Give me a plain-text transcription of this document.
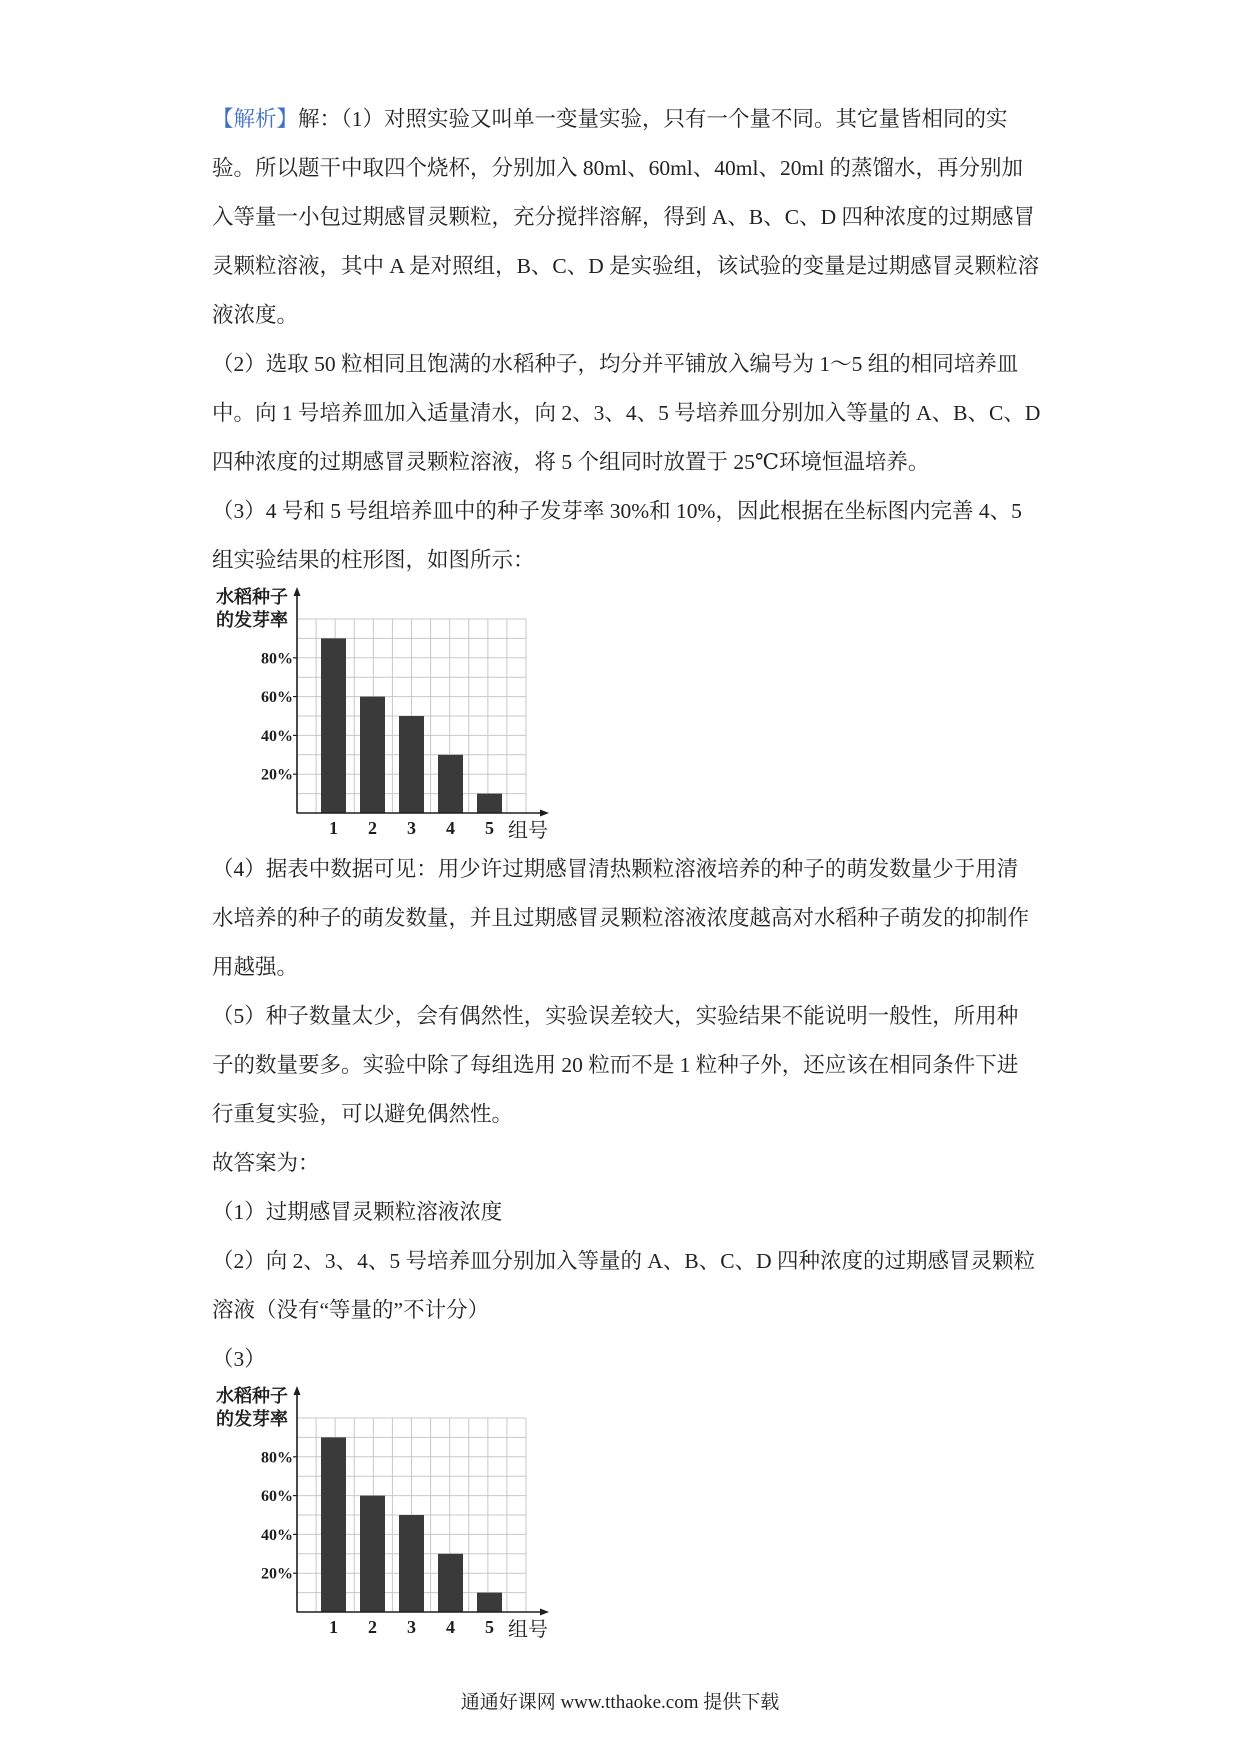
【解析】解：（1）对照实验又叫单一变量实验，只有一个量不同。其它量皆相同的实
验。所以题干中取四个烧杯，分别加入 80ml、60ml、40ml、20ml 的蒸馏水，再分别加
入等量一小包过期感冒灵颗粒，充分搅拌溶解，得到 A、B、C、D 四种浓度的过期感冒
灵颗粒溶液，其中 A 是对照组，B、C、D 是实验组，该试验的变量是过期感冒灵颗粒溶
液浓度。
（2）选取 50 粒相同且饱满的水稻种子，均分并平铺放入编号为 1～5 组的相同培养皿
中。向 1 号培养皿加入适量清水，向 2、3、4、5 号培养皿分别加入等量的 A、B、C、D
四种浓度的过期感冒灵颗粒溶液，将 5 个组同时放置于 25℃环境恒温培养。
（3）4 号和 5 号组培养皿中的种子发芽率 30%和 10%，因此根据在坐标图内完善 4、5
组实验结果的柱形图，如图所示：
20%
40%
60%
80%
1 2 3 4 5
水稻种子
的发芽率
组号
（4）据表中数据可见：用少许过期感冒清热颗粒溶液培养的种子的萌发数量少于用清
水培养的种子的萌发数量，并且过期感冒灵颗粒溶液浓度越高对水稻种子萌发的抑制作
用越强。
（5）种子数量太少，会有偶然性，实验误差较大，实验结果不能说明一般性，所用种
子的数量要多。实验中除了每组选用 20 粒而不是 1 粒种子外，还应该在相同条件下进
行重复实验，可以避免偶然性。
故答案为：
（1）过期感冒灵颗粒溶液浓度
（2）向 2、3、4、5 号培养皿分别加入等量的 A、B、C、D 四种浓度的过期感冒灵颗粒
溶液（没有“等量的”不计分）
（3）
20%
40%
60%
80%
1 2 3 4 5
水稻种子
的发芽率
组号
通通好课网 www.tthaoke.com 提供下载
